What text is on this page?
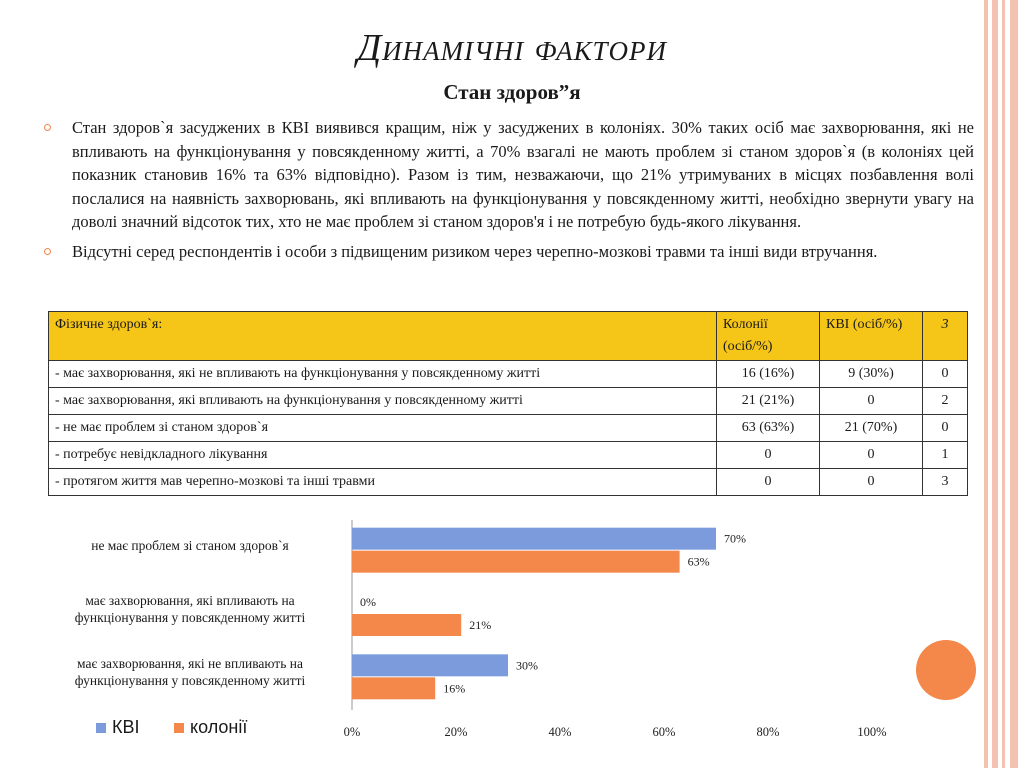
Динамічні фактори
Стан здоров”я
Стан здоров`я засуджених в КВІ виявився кращим, ніж у засуджених в колоніях. 30% таких осіб має захворювання, які не впливають на функціонування у повсякденному житті, а 70% взагалі не мають проблем зі станом здоров`я (в колоніях цей показник становив 16% та 63% відповідно). Разом із тим, незважаючи, що 21% утримуваних в місцях позбавлення волі послалися на наявність захворювань, які впливають на функціонування у повсякденному житті, необхідно звернути увагу на доволі значний відсоток тих, хто не має проблем зі станом здоров'я і не потребую будь-якого лікування.
Відсутні серед респондентів і особи з підвищеним ризиком через черепно-мозкові травми та інші види втручання.
Фізичне здоров`я:	Колонії (осіб/%)	КВІ (осіб/%)	3
- має захворювання, які не впливають на функціонування у повсякденному житті	16 (16%)	9 (30%)	0
- має захворювання, які впливають на функціонування у повсякденному житті	21 (21%)	0	2
- не має проблем зі станом здоров`я	63 (63%)	21 (70%)	0
- потребує невідкладного лікування	0	0	1
- протягом життя мав черепно-мозкові та інші травми	0	0	3
70%
63%
0%
21%
30%
16%
0%	20%	40%	60%	80%	100%
не має проблем зі станом здоров`я
має захворювання, які впливають на
функціонування у повсякденному житті
має захворювання, які не впливають на
функціонування у повсякденному житті
КВІ	колонії
